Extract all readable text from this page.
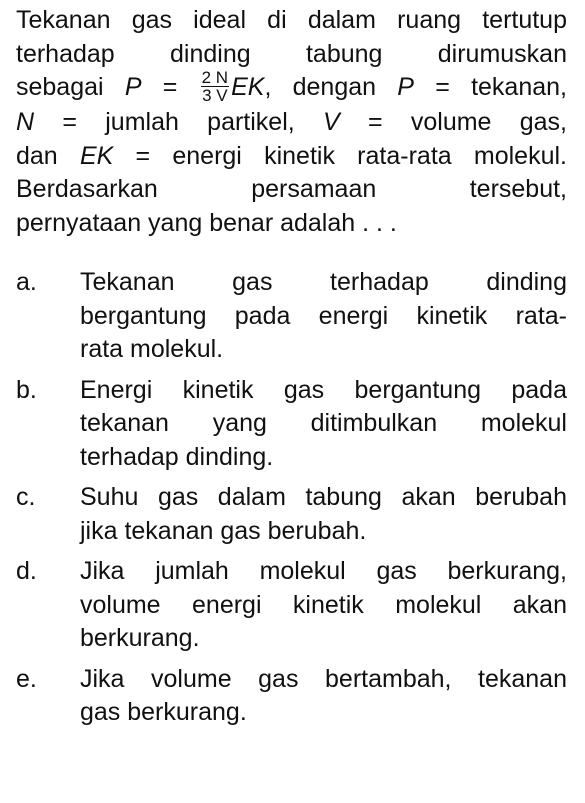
Tekanan gas ideal di dalam ruang tertutup
terhadap dinding tabung dirumuskan
sebagai $P = \frac{2 N}{3 V}$ EK, dengan P = tekanan,
N = jumlah partikel, V = volume gas,
dan EK = energi kinetik rata-rata molekul.
Berdasarkan persamaan tersebut,
pernyataan yang benar adalah . . .
a.	Tekanan gas terhadap dinding
bergantung pada energi kinetik rata-
rata molekul.
b.	Energi kinetik gas bergantung pada
tekanan yang ditimbulkan molekul
terhadap dinding.
c.	Suhu gas dalam tabung akan berubah
jika tekanan gas berubah.
d.	Jika jumlah molekul gas berkurang,
volume energi kinetik molekul akan
berkurang.
e.	Jika volume gas bertambah, tekanan
gas berkurang.
